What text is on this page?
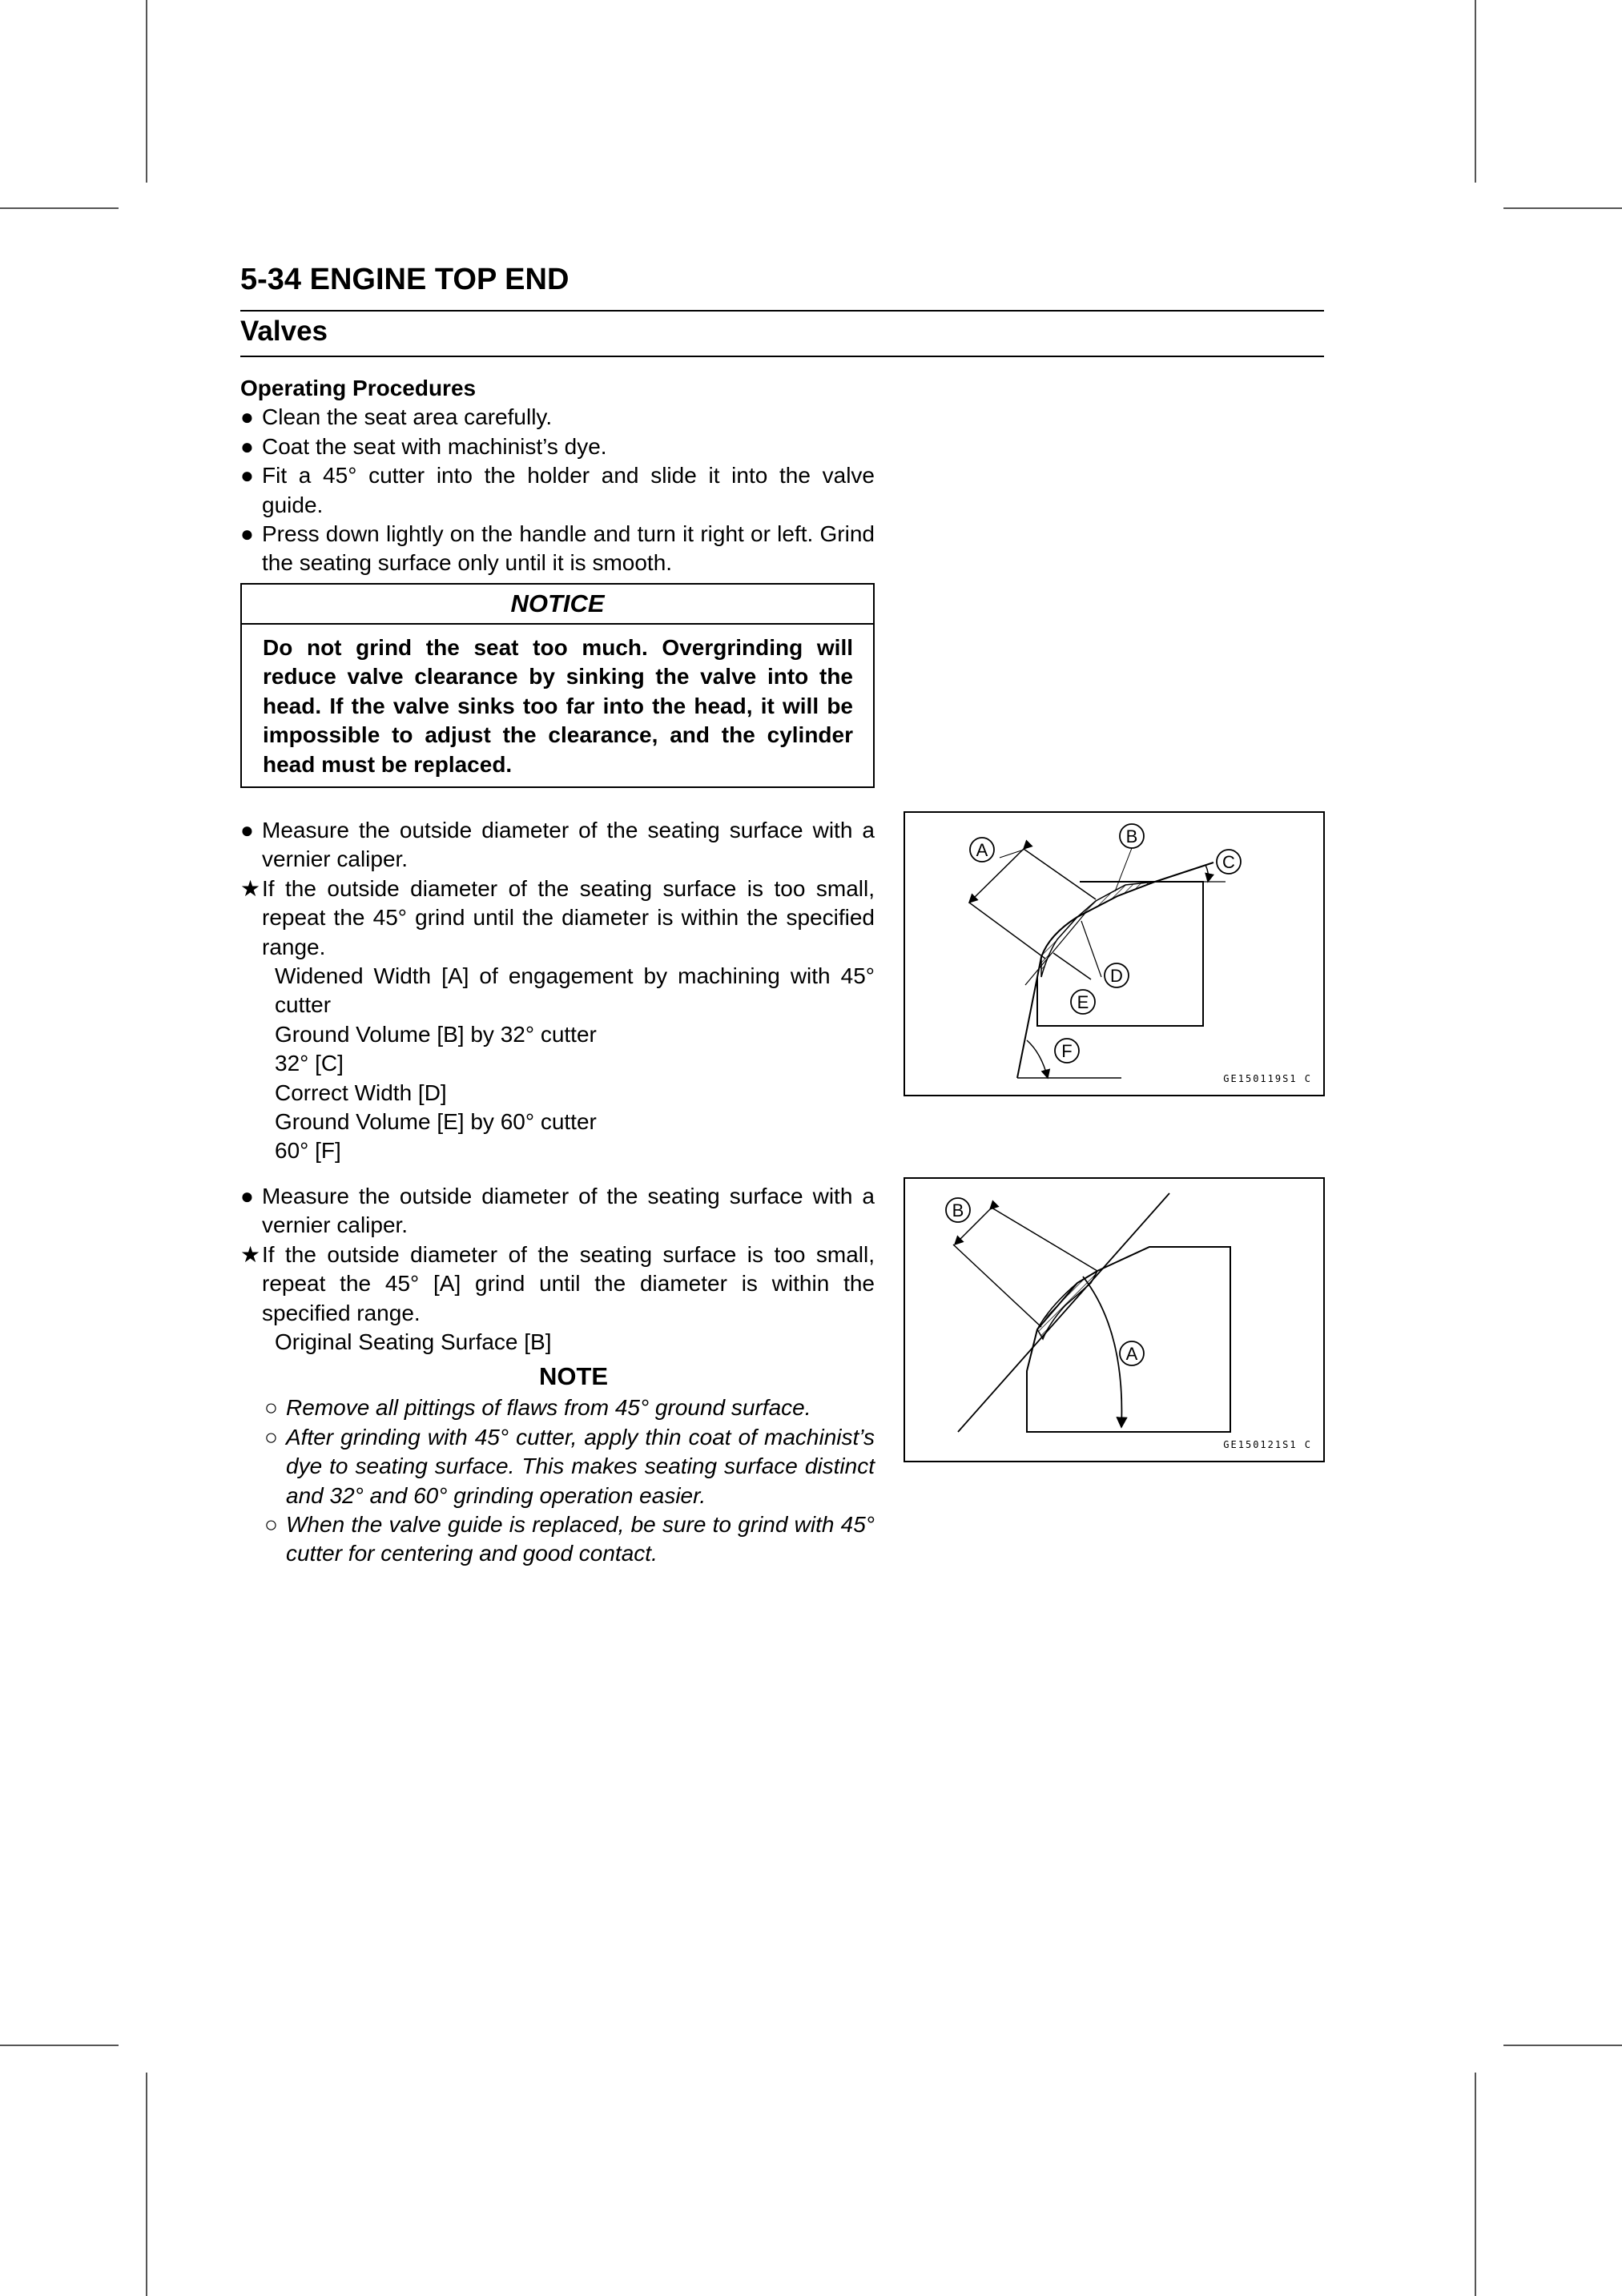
5-34 ENGINE TOP END
Valves
Operating Procedures
● Clean the seat area carefully.
● Coat the seat with machinist’s dye.
● Fit a 45° cutter into the holder and slide it into the valve guide.
● Press down lightly on the handle and turn it right or left. Grind the seating surface only until it is smooth.
NOTICE
Do not grind the seat too much. Overgrinding will reduce valve clearance by sinking the valve into the head. If the valve sinks too far into the head, it will be impossible to adjust the clearance, and the cylinder head must be replaced.
● Measure the outside diameter of the seating surface with a vernier caliper.
★ If the outside diameter of the seating surface is too small, repeat the 45° grind until the diameter is within the specified range.
Widened Width [A] of engagement by machining with 45° cutter
Ground Volume [B] by 32° cutter
32° [C]
Correct Width [D]
Ground Volume [E] by 60° cutter
60° [F]
● Measure the outside diameter of the seating surface with a vernier caliper.
★ If the outside diameter of the seating surface is too small, repeat the 45° [A] grind until the diameter is within the specified range.
Original Seating Surface [B]
NOTE
○ Remove all pittings of flaws from 45° ground surface.
○ After grinding with 45° cutter, apply thin coat of machinist’s dye to seating surface. This makes seating surface distinct and 32° and 60° grinding operation easier.
○ When the valve guide is replaced, be sure to grind with 45° cutter for centering and good contact.
A
B
C
D
E
F
GE150119S1 C
B
A
GE150121S1 C
